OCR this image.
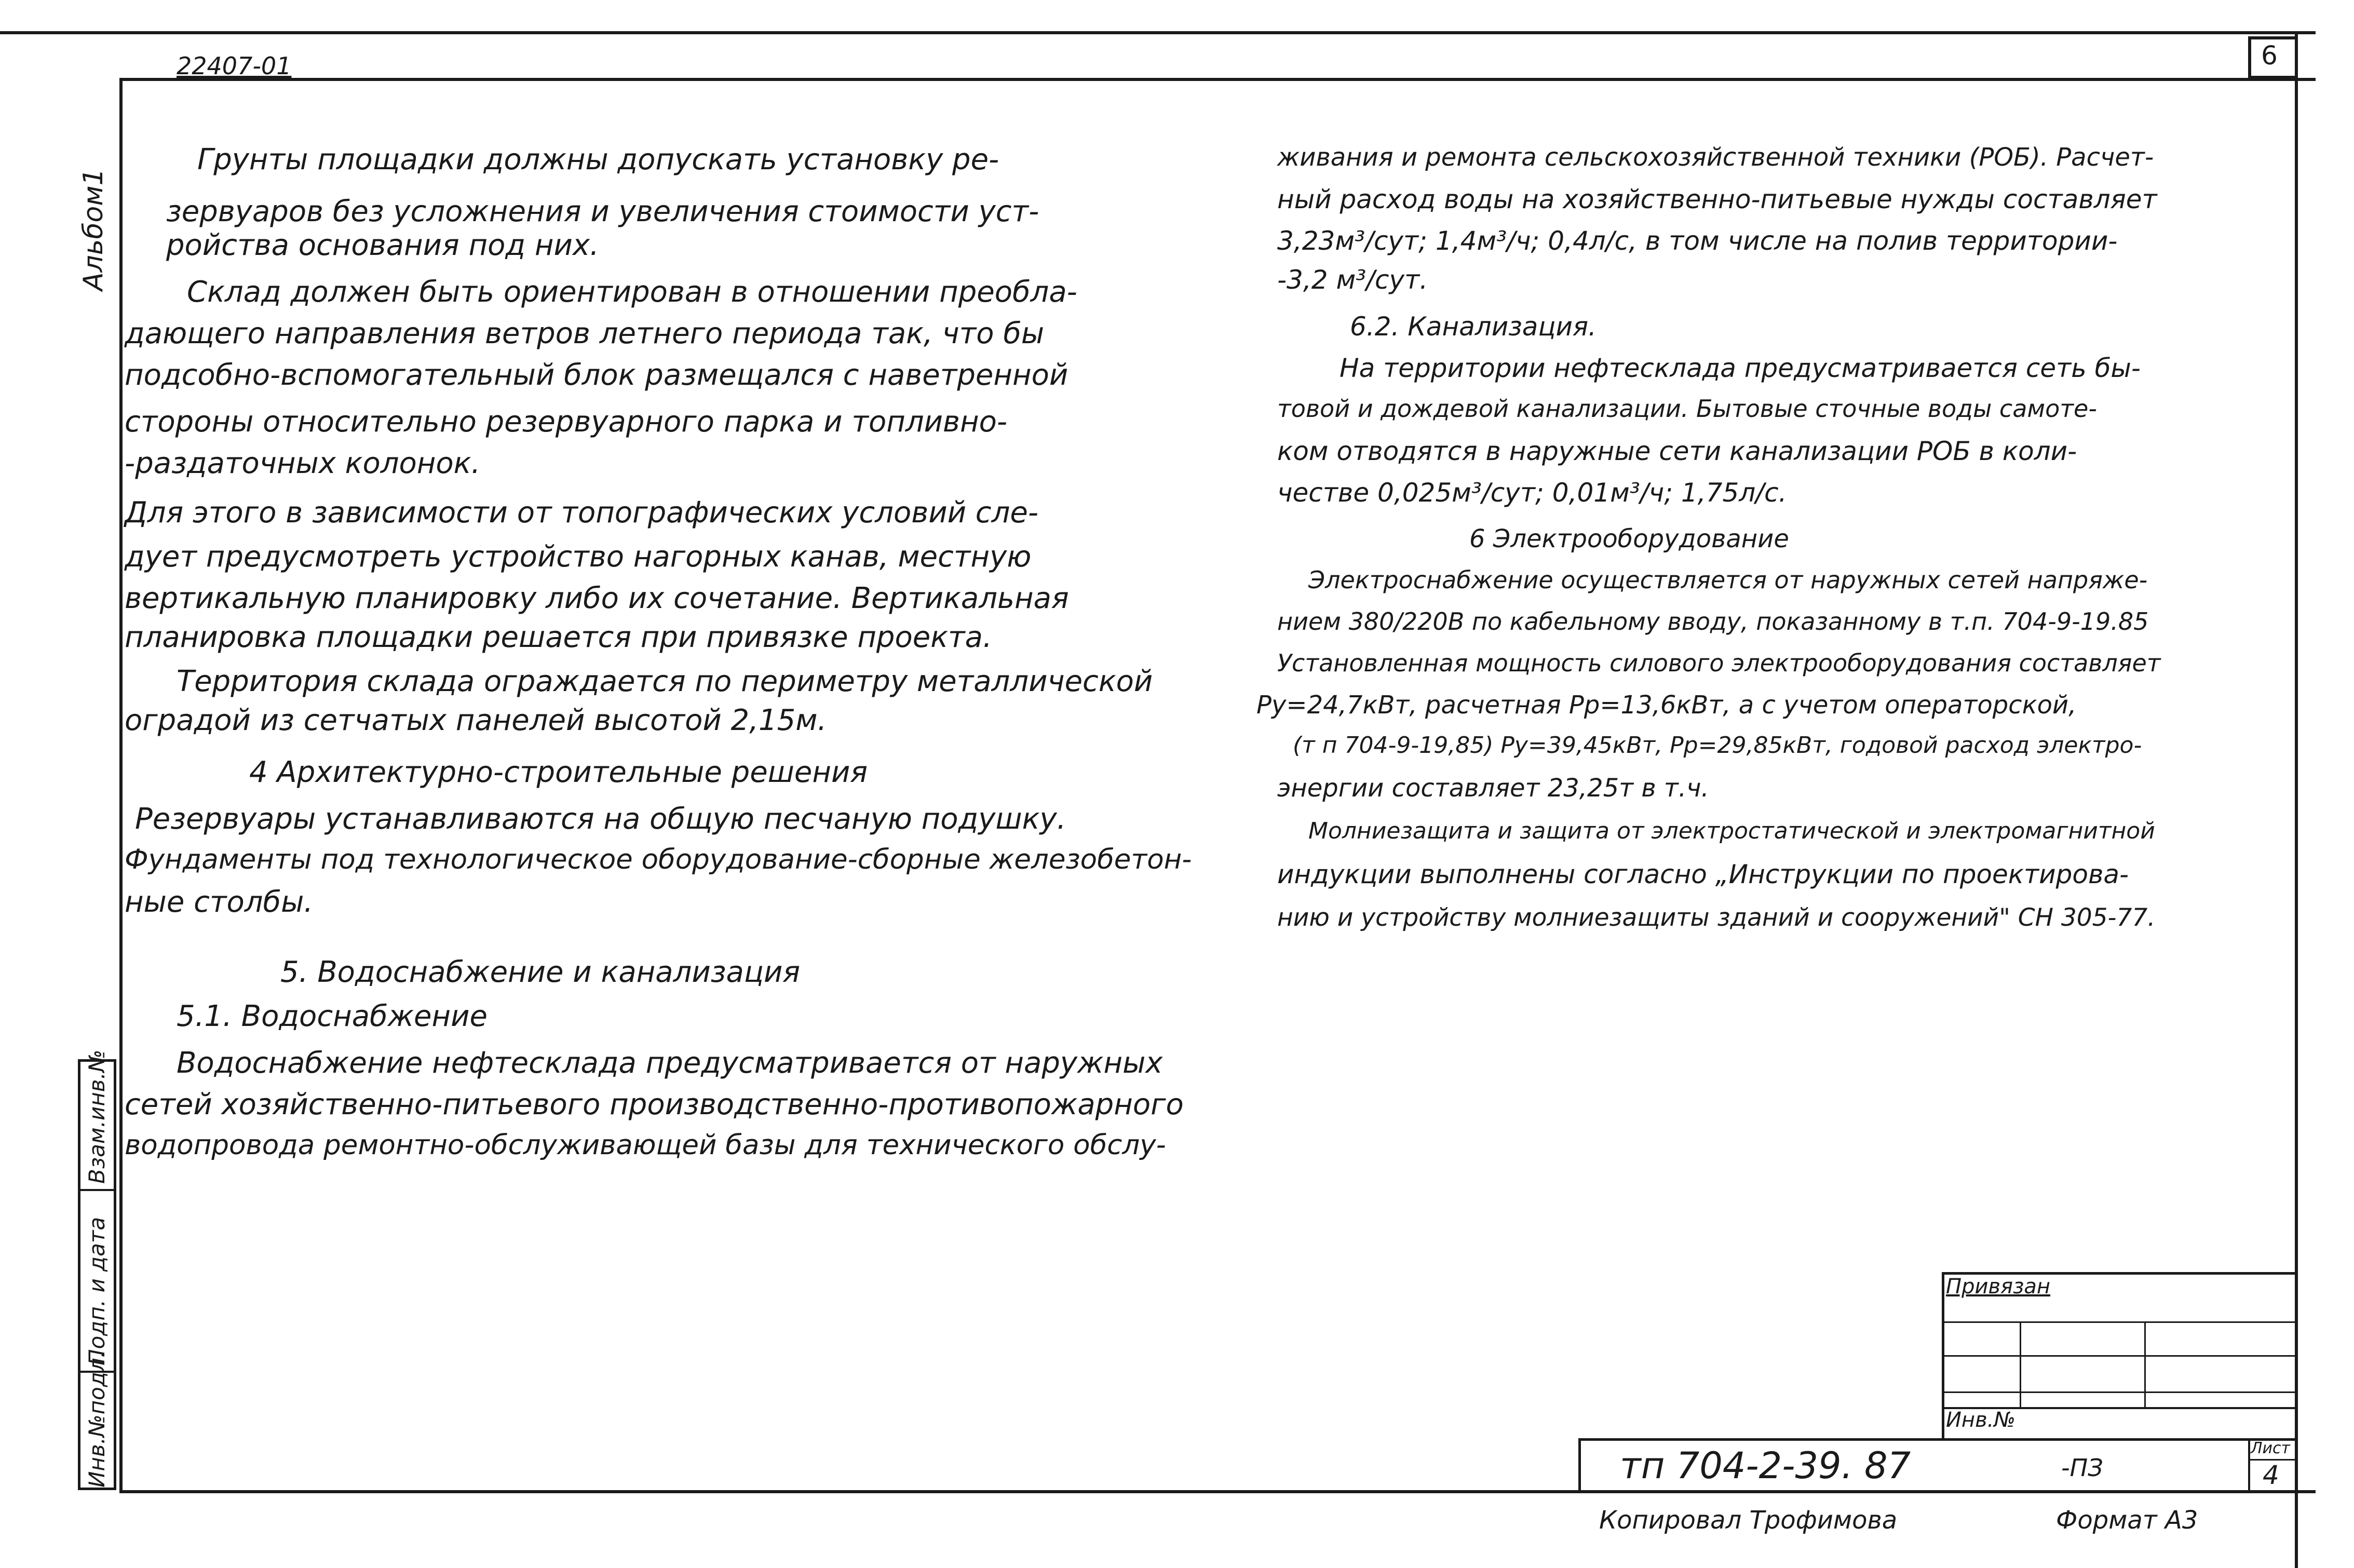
6
22407-01
Альбом1
Инв.№подл.
Подп. и дата
Взам.инв.№
Грунты площадки должны допускать установку ре-
зервуаров без усложнения и увеличения стоимости уст-
ройства основания под них.
Склад должен быть ориентирован в отношении преобла-
дающего направления ветров летнего периода так, что бы
подсобно-вспомогательный блок размещался с наветренной
стороны относительно резервуарного парка и топливно-
-раздаточных колонок.
Для этого в зависимости от топографических условий сле-
дует предусмотреть устройство нагорных канав, местную
вертикальную планировку либо их сочетание. Вертикальная
планировка площадки решается при привязке проекта.
Территория склада ограждается по периметру металлической
оградой из сетчатых панелей высотой 2,15м.
4 Архитектурно-строительные решения
Резервуары устанавливаются на общую песчаную подушку.
Фундаменты под технологическое оборудование-сборные железобетон-
ные столбы.
5. Водоснабжение и канализация
5.1. Водоснабжение
Водоснабжение нефтесклада предусматривается от наружных
сетей хозяйственно-питьевого производственно-противопожарного
водопровода ремонтно-обслуживающей базы для технического обслу-
живания и ремонта сельскохозяйственной техники (РОБ). Расчет-
ный расход воды на хозяйственно-питьевые нужды составляет
3,23м³/сут; 1,4м³/ч; 0,4л/с, в том числе на полив территории-
-3,2 м³/сут.
6.2. Канализация.
На территории нефтесклада предусматривается сеть бы-
товой и дождевой канализации. Бытовые сточные воды самоте-
ком отводятся в наружные сети канализации РОБ в коли-
честве 0,025м³/сут; 0,01м³/ч; 1,75л/с.
6 Электрооборудование
Электроснабжение осуществляется от наружных сетей напряже-
нием 380/220В по кабельному вводу, показанному в т.п. 704-9-19.85
Установленная мощность силового электрооборудования составляет
Ру=24,7кВт, расчетная Рр=13,6кВт, а с учетом операторской,
(т п 704-9-19,85) Ру=39,45кВт, Рр=29,85кВт, годовой расход электро-
энергии составляет 23,25т в т.ч.
Молниезащита и защита от электростатической и электромагнитной
индукции выполнены согласно „Инструкции по проектирова-
нию и устройству молниезащиты зданий и сооружений" СН 305-77.
Привязан
Инв.№
тп 704-2-39. 87	-ПЗ
Лист
4
Копировал Трофимова	Формат А3
